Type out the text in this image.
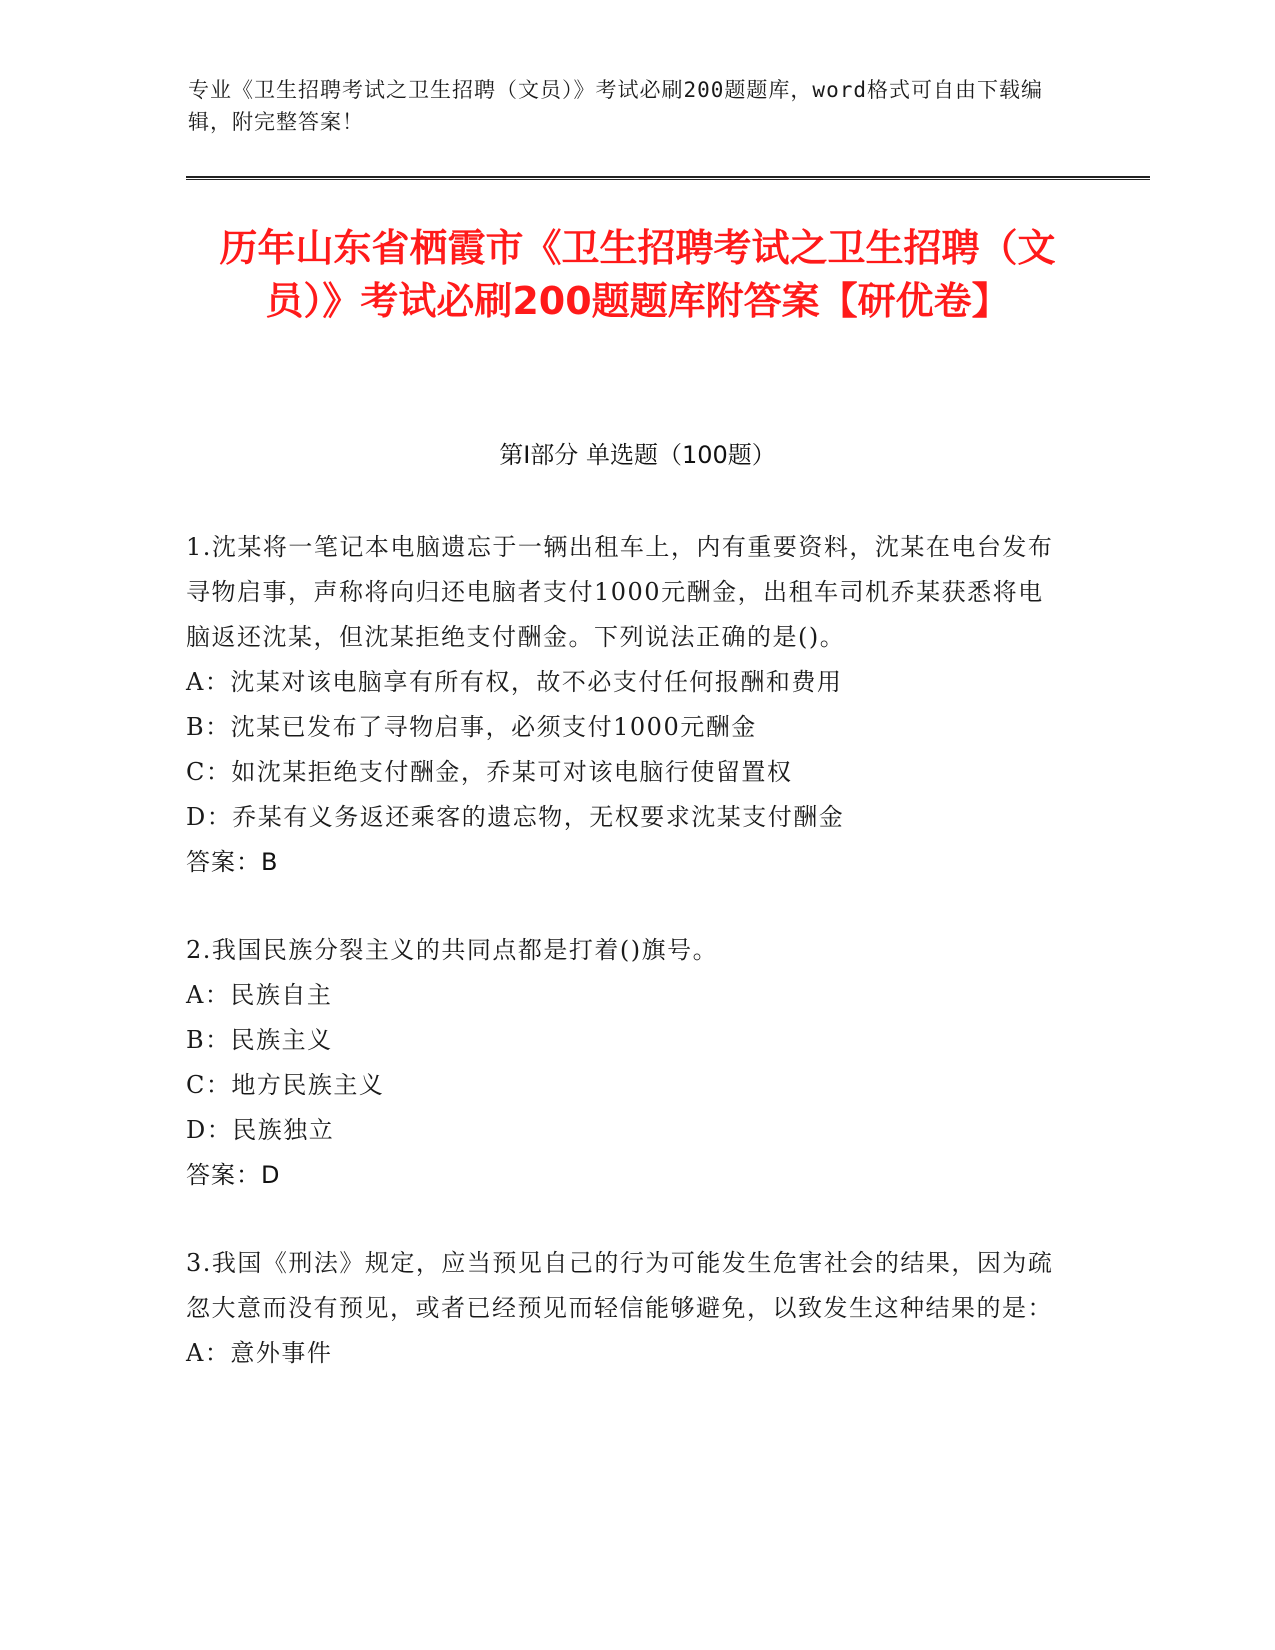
专业《卫生招聘考试之卫生招聘（文员）》考试必刷200题题库，word格式可自由下载编辑，附完整答案！
历年山东省栖霞市《卫生招聘考试之卫生招聘（文员）》考试必刷200题题库附答案【研优卷】
第Ⅰ部分 单选题（100题）

1.沈某将一笔记本电脑遗忘于一辆出租车上，内有重要资料，沈某在电台发布寻物启事，声称将向归还电脑者支付1000元酬金，出租车司机乔某获悉将电脑返还沈某，但沈某拒绝支付酬金。下列说法正确的是()。

A：沈某对该电脑享有所有权，故不必支付任何报酬和费用

B：沈某已发布了寻物启事，必须支付1000元酬金

C：如沈某拒绝支付酬金，乔某可对该电脑行使留置权

D：乔某有义务返还乘客的遗忘物，无权要求沈某支付酬金

答案：B

2.我国民族分裂主义的共同点都是打着()旗号。

A：民族自主

B：民族主义

C：地方民族主义

D：民族独立

答案：D

3.我国《刑法》规定，应当预见自己的行为可能发生危害社会的结果，因为疏忽大意而没有预见，或者已经预见而轻信能够避免，以致发生这种结果的是：

A：意外事件
